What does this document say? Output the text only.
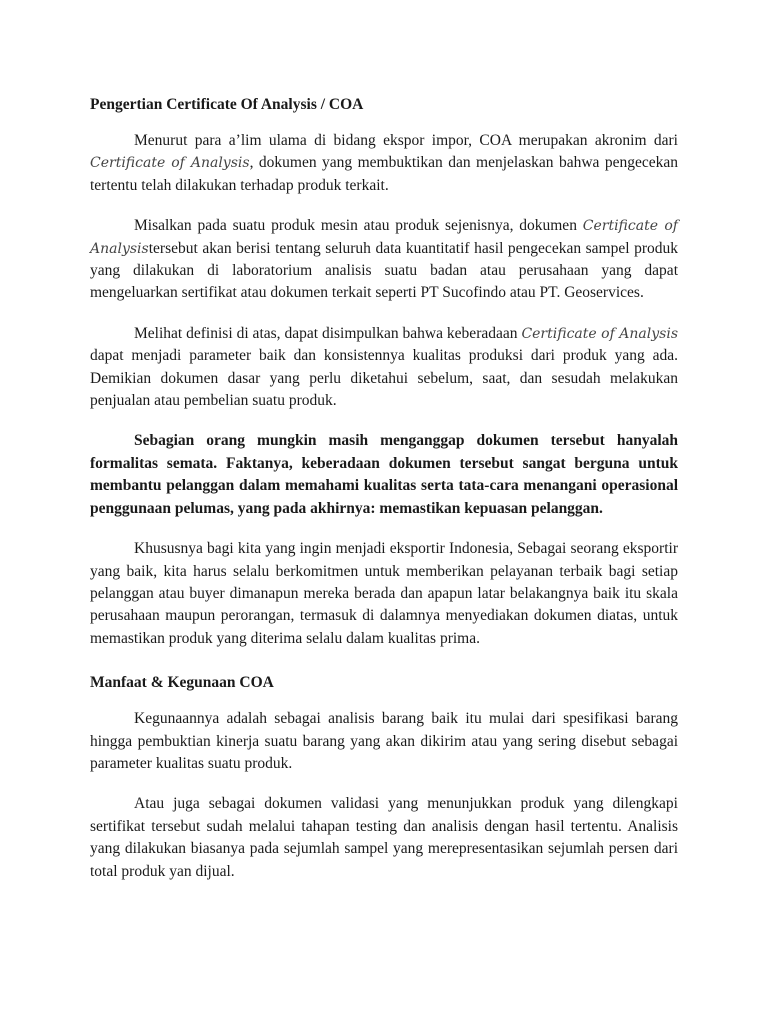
Pengertian Certificate Of Analysis / COA

Menurut para a’lim ulama di bidang ekspor impor, COA merupakan akronim dari Certificate of Analysis, dokumen yang membuktikan dan menjelaskan bahwa pengecekan tertentu telah dilakukan terhadap produk terkait.

Misalkan pada suatu produk mesin atau produk sejenisnya, dokumen Certificate of Analysistersebut akan berisi tentang seluruh data kuantitatif hasil pengecekan sampel produk yang dilakukan di laboratorium analisis suatu badan atau perusahaan yang dapat mengeluarkan sertifikat atau dokumen terkait seperti PT Sucofindo atau PT. Geoservices.

Melihat definisi di atas, dapat disimpulkan bahwa keberadaan Certificate of Analysis dapat menjadi parameter baik dan konsistennya kualitas produksi dari produk yang ada. Demikian dokumen dasar yang perlu diketahui sebelum, saat, dan sesudah melakukan penjualan atau pembelian suatu produk.

Sebagian orang mungkin masih menganggap dokumen tersebut hanyalah formalitas semata. Faktanya, keberadaan dokumen tersebut sangat berguna untuk membantu pelanggan dalam memahami kualitas serta tata-cara menangani operasional penggunaan pelumas, yang pada akhirnya: memastikan kepuasan pelanggan.

Khususnya bagi kita yang ingin menjadi eksportir Indonesia, Sebagai seorang eksportir yang baik, kita harus selalu berkomitmen untuk memberikan pelayanan terbaik bagi setiap pelanggan atau buyer dimanapun mereka berada dan apapun latar belakangnya baik itu skala perusahaan maupun perorangan, termasuk di dalamnya menyediakan dokumen diatas, untuk memastikan produk yang diterima selalu dalam kualitas prima.

Manfaat & Kegunaan COA

Kegunaannya adalah sebagai analisis barang baik itu mulai dari spesifikasi barang hingga pembuktian kinerja suatu barang yang akan dikirim atau yang sering disebut sebagai parameter kualitas suatu produk.

Atau juga sebagai dokumen validasi yang menunjukkan produk yang dilengkapi sertifikat tersebut sudah melalui tahapan testing dan analisis dengan hasil tertentu. Analisis yang dilakukan biasanya pada sejumlah sampel yang merepresentasikan sejumlah persen dari total produk yan dijual.
